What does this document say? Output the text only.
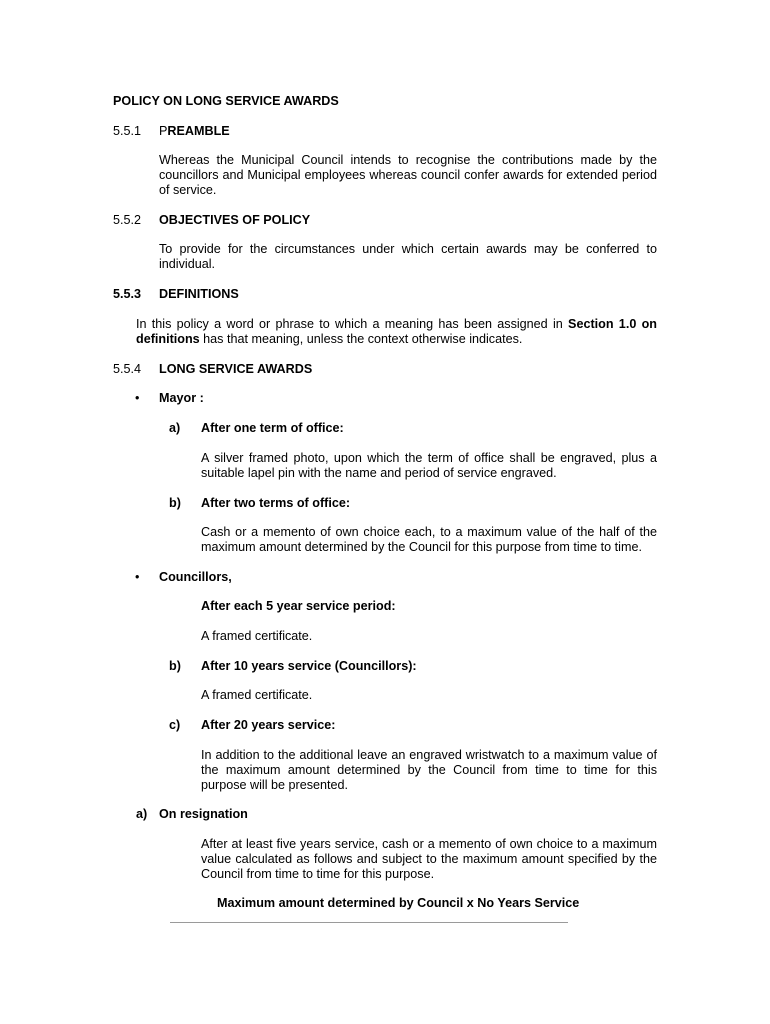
POLICY ON LONG SERVICE AWARDS
5.5.1 PREAMBLE
Whereas the Municipal Council intends to recognise the contributions made by the councillors and Municipal employees whereas council confer awards for extended period of service.
5.5.2 OBJECTIVES OF POLICY
To provide for the circumstances under which certain awards may be conferred to individual.
5.5.3 DEFINITIONS
In this policy a word or phrase to which a meaning has been assigned in Section 1.0 on definitions has that meaning, unless the context otherwise indicates.
5.5.4 LONG SERVICE AWARDS
• Mayor :
a) After one term of office:
A silver framed photo, upon which the term of office shall be engraved, plus a suitable lapel pin with the name and period of service engraved.
b) After two terms of office:
Cash or a memento of own choice each, to a maximum value of the half of the maximum amount determined by the Council for this purpose from time to time.
• Councillors,
After each 5 year service period:
A framed certificate.
b) After 10 years service (Councillors):
A framed certificate.
c) After 20 years service:
In addition to the additional leave an engraved wristwatch to a maximum value of the maximum amount determined by the Council from time to time for this purpose will be presented.
a) On resignation
After at least five years service, cash or a memento of own choice to a maximum value calculated as follows and subject to the maximum amount specified by the Council from time to time for this purpose.
Maximum amount determined by Council x No Years Service
